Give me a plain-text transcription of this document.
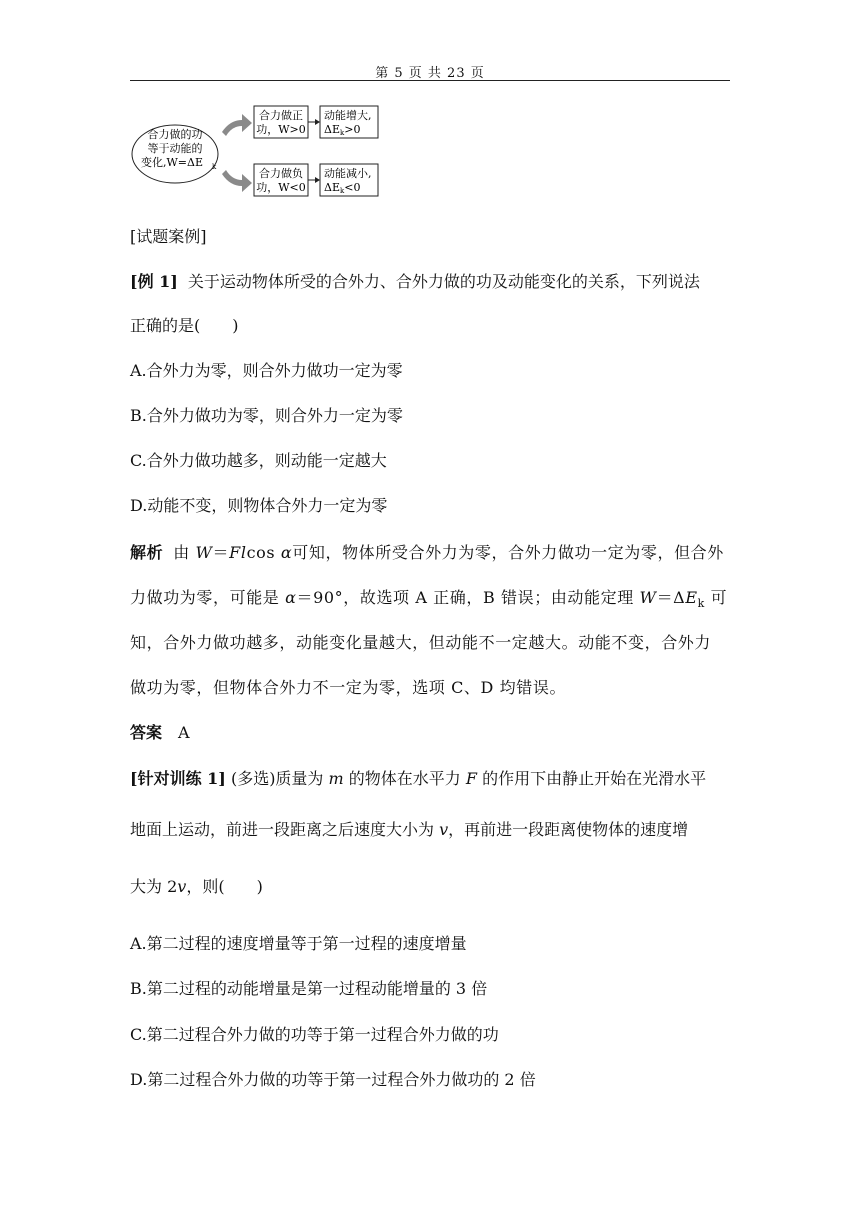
第 5 页 共 23 页
合力做的功
等于动能的
变化,W=ΔE k
合力做正
功，W>0
动能增大,
ΔEk>0
合力做负
功，W<0
动能减小,
ΔEk<0
[试题案例]
[例 1] 关于运动物体所受的合外力、合外力做的功及动能变化的关系，下列说法
正确的是(　　)
A.合外力为零，则合外力做功一定为零
B.合外力做功为零，则合外力一定为零
C.合外力做功越多，则动能一定越大
D.动能不变，则物体合外力一定为零
解析 由 W＝Flcos α可知，物体所受合外力为零，合外力做功一定为零，但合外
力做功为零，可能是 α＝90°，故选项 A 正确，B 错误；由动能定理 $W=\Delta E_k$ 可
知，合外力做功越多，动能变化量越大，但动能不一定越大。动能不变，合外力
做功为零，但物体合外力不一定为零，选项 C、D 均错误。
答案 A
[针对训练 1] (多选)质量为 m 的物体在水平力 F 的作用下由静止开始在光滑水平
地面上运动，前进一段距离之后速度大小为 v，再前进一段距离使物体的速度增
大为 2v，则(　　)
A.第二过程的速度增量等于第一过程的速度增量
B.第二过程的动能增量是第一过程动能增量的 3 倍
C.第二过程合外力做的功等于第一过程合外力做的功
D.第二过程合外力做的功等于第一过程合外力做功的 2 倍
